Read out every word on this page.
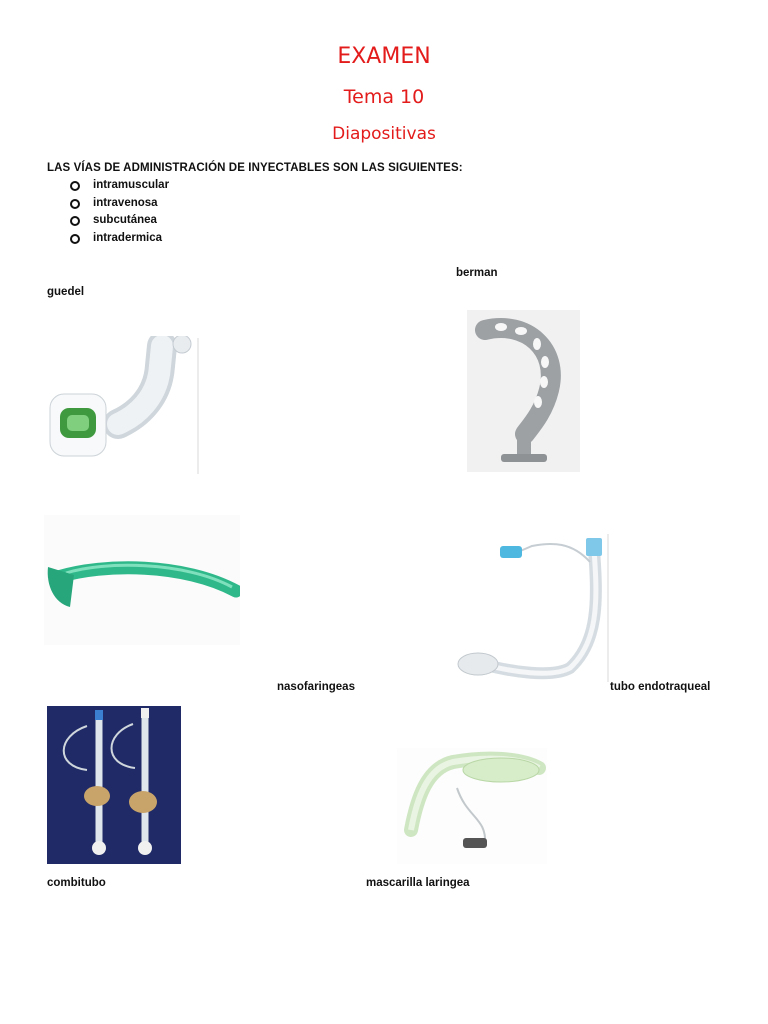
EXAMEN
Tema 10
Diapositivas
LAS VÍAS DE ADMINISTRACIÓN DE INYECTABLES SON LAS SIGUIENTES:
intramuscular
intravenosa
subcutánea
intradermica
berman
guedel
nasofaringeas	tubo endotraqueal
combitubo	mascarilla laringea
